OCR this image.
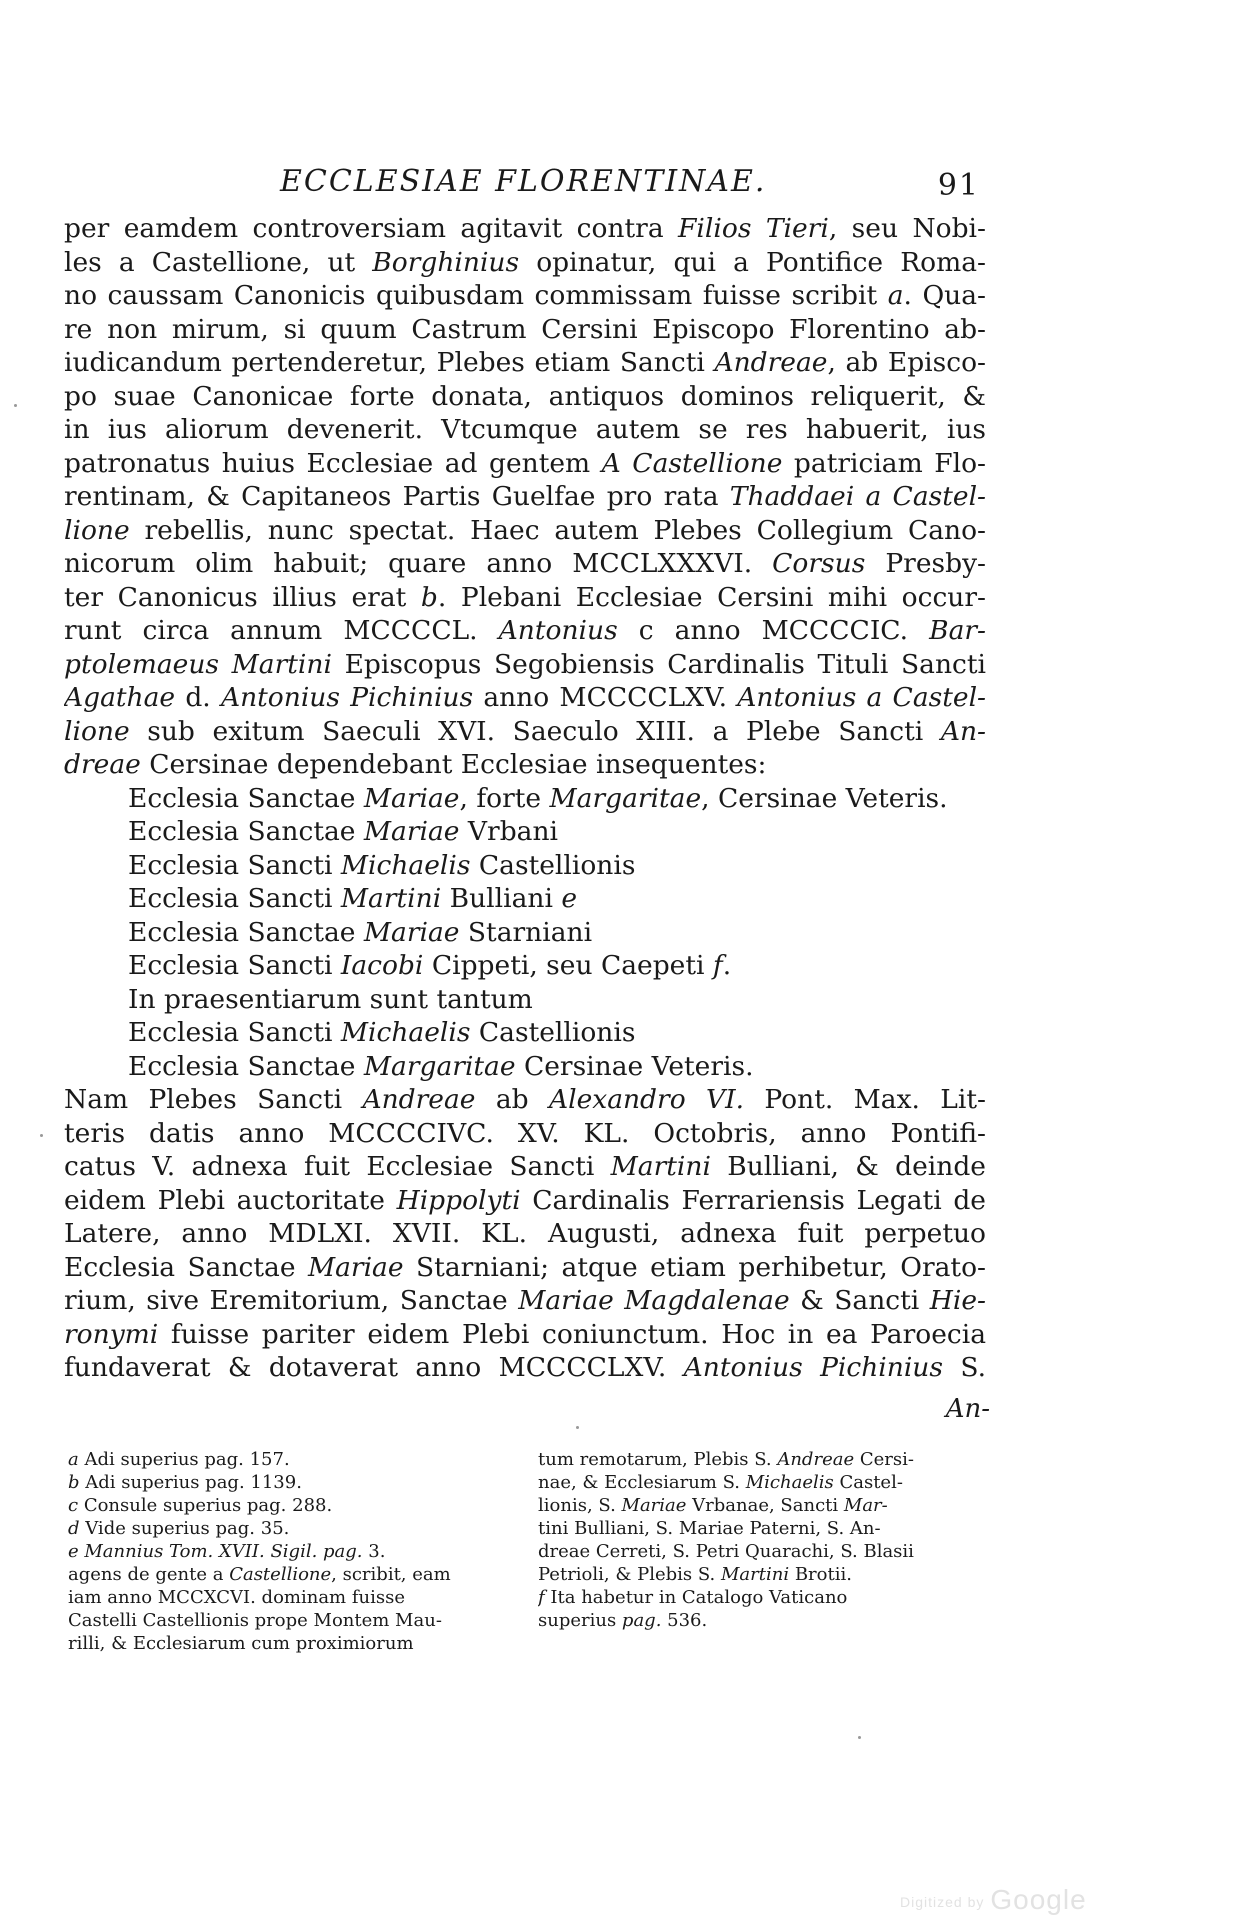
ECCLESIAE FLORENTINAE.	91
per eamdem controversiam agitavit contra Filios Tieri, seu Nobi-
les a Castellione, ut Borghinius opinatur, qui a Pontifice Roma-
no caussam Canonicis quibusdam commissam fuisse scribit a. Qua-
re non mirum, si quum Castrum Cersini Episcopo Florentino ab-
iudicandum pertenderetur, Plebes etiam Sancti Andreae, ab Episco-
po suae Canonicae forte donata, antiquos dominos reliquerit, &
in ius aliorum devenerit. Vtcumque autem se res habuerit, ius
patronatus huius Ecclesiae ad gentem A Castellione patriciam Flo-
rentinam, & Capitaneos Partis Guelfae pro rata Thaddaei a Castel-
lione rebellis, nunc spectat. Haec autem Plebes Collegium Cano-
nicorum olim habuit; quare anno MCCLXXXVI. Corsus Presby-
ter Canonicus illius erat b. Plebani Ecclesiae Cersini mihi occur-
runt circa annum MCCCCL. Antonius c anno MCCCCIC. Bar-
ptolemaeus Martini Episcopus Segobiensis Cardinalis Tituli Sancti
Agathae d. Antonius Pichinius anno MCCCCLXV. Antonius a Castel-
lione sub exitum Saeculi XVI. Saeculo XIII. a Plebe Sancti An-
dreae Cersinae dependebant Ecclesiae insequentes:
Ecclesia Sanctae Mariae, forte Margaritae, Cersinae Veteris.
Ecclesia Sanctae Mariae Vrbani
Ecclesia Sancti Michaelis Castellionis
Ecclesia Sancti Martini Bulliani e
Ecclesia Sanctae Mariae Starniani
Ecclesia Sancti Iacobi Cippeti, seu Caepeti f.
In praesentiarum sunt tantum
Ecclesia Sancti Michaelis Castellionis
Ecclesia Sanctae Margaritae Cersinae Veteris.
Nam Plebes Sancti Andreae ab Alexandro VI. Pont. Max. Lit-
teris datis anno MCCCCIVC. XV. KL. Octobris, anno Pontifi-
catus V. adnexa fuit Ecclesiae Sancti Martini Bulliani, & deinde
eidem Plebi auctoritate Hippolyti Cardinalis Ferrariensis Legati de
Latere, anno MDLXI. XVII. KL. Augusti, adnexa fuit perpetuo
Ecclesia Sanctae Mariae Starniani; atque etiam perhibetur, Orato-
rium, sive Eremitorium, Sanctae Mariae Magdalenae & Sancti Hie-
ronymi fuisse pariter eidem Plebi coniunctum. Hoc in ea Paroecia
fundaverat & dotaverat anno MCCCCLXV. Antonius Pichinius S.
An-
a Adi superius pag. 157.
b Adi superius pag. 1139.
c Consule superius pag. 288.
d Vide superius pag. 35.
e Mannius Tom. XVII. Sigil. pag. 3.
agens de gente a Castellione, scribit, eam
iam anno MCCXCVI. dominam fuisse
Castelli Castellionis prope Montem Mau-
rilli, & Ecclesiarum cum proximiorum
tum remotarum, Plebis S. Andreae Cersi-
nae, & Ecclesiarum S. Michaelis Castel-
lionis, S. Mariae Vrbanae, Sancti Mar-
tini Bulliani, S. Mariae Paterni, S. An-
dreae Cerreti, S. Petri Quarachi, S. Blasii
Petrioli, & Plebis S. Martini Brotii.
f Ita habetur in Catalogo Vaticano
superius pag. 536.
Digitized by Google
